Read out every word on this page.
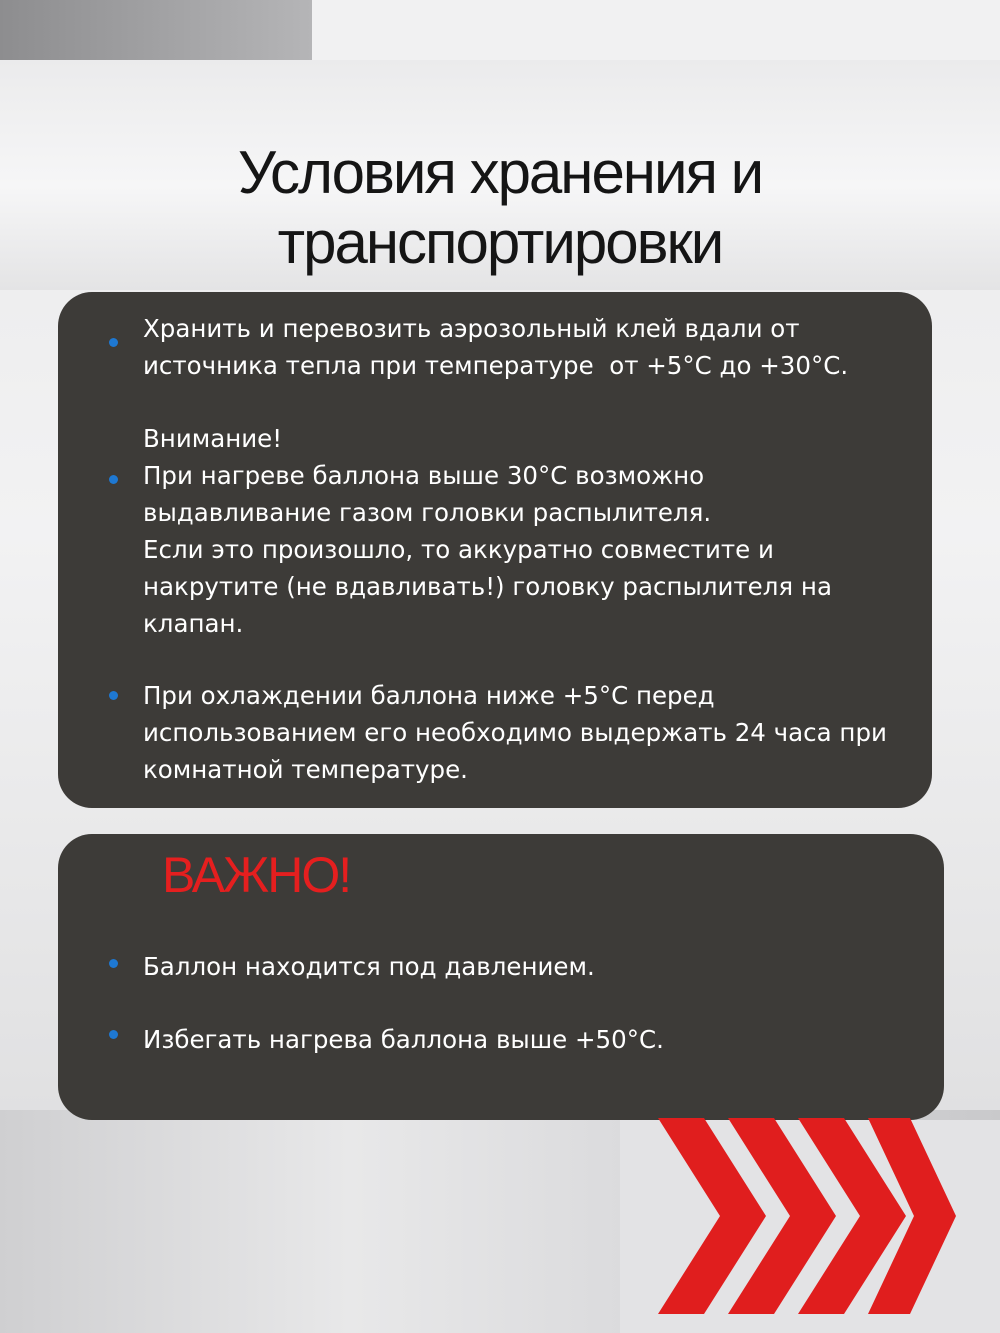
Условия хранения и
транспортировки
Хранить и перевозить аэрозольный клей вдали от
источника тепла при температуре  от +5°С до +30°С.
Внимание!
При нагреве баллона выше 30°С возможно
выдавливание газом головки распылителя.
Если это произошло, то аккуратно совместите и
накрутите (не вдавливать!) головку распылителя на
клапан.
При охлаждении баллона ниже +5°С перед
использованием его необходимо выдержать 24 часа при
комнатной температуре.
ВАЖНО!
Баллон находится под давлением.
Избегать нагрева баллона выше +50°С.
